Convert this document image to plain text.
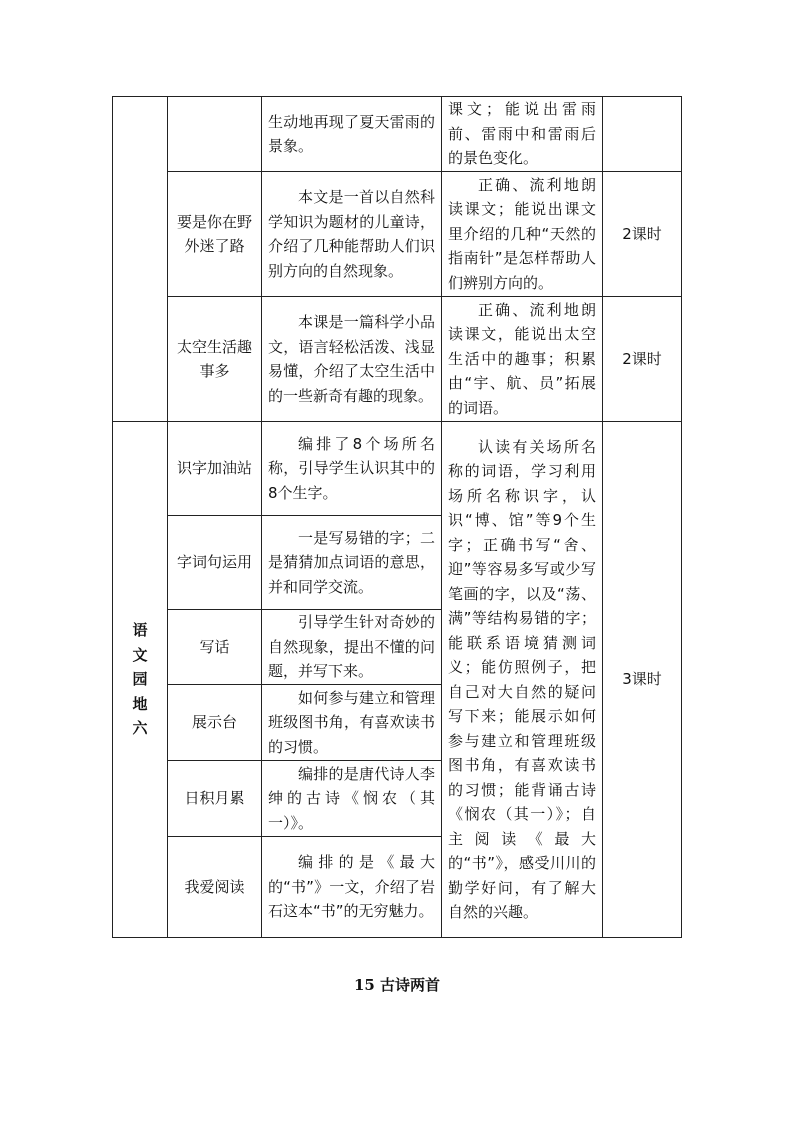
		生动地再现了夏天雷雨的景象。	课文；能说出雷雨前、雷雨中和雷雨后的景色变化。	
	要是你在野外迷了路	本文是一首以自然科学知识为题材的儿童诗，介绍了几种能帮助人们识别方向的自然现象。	正确、流利地朗读课文；能说出课文里介绍的几种“天然的指南针”是怎样帮助人们辨别方向的。	2课时
	太空生活趣事多	本课是一篇科学小品文，语言轻松活泼、浅显易懂，介绍了太空生活中的一些新奇有趣的现象。	正确、流利地朗读课文，能说出太空生活中的趣事；积累由“宇、航、员”拓展的词语。	2课时
语文园地六	识字加油站	编排了8个场所名称，引导学生认识其中的8个生字。	认读有关场所名称的词语，学习利用场所名称识字，认识“博、馆”等9个生字；正确书写“舍、迎”等容易多写或少写笔画的字，以及“荡、满”等结构易错的字；能联系语境猜测词义；能仿照例子，把自己对大自然的疑问写下来；能展示如何参与建立和管理班级图书角，有喜欢读书的习惯；能背诵古诗《悯农（其一）》；自主阅读《最大的“书”》，感受川川的勤学好问，有了解大自然的兴趣。	3课时
	字词句运用	一是写易错的字；二是猜猜加点词语的意思，并和同学交流。		

	写话	引导学生针对奇妙的自然现象，提出不懂的问题，并写下来。		

	展示台	如何参与建立和管理班级图书角，有喜欢读书的习惯。		

	日积月累	编排的是唐代诗人李绅的古诗《悯农（其一）》。		

	我爱阅读	编排的是《最大的“书”》一文，介绍了岩石这本“书”的无穷魅力。		
15 古诗两首
